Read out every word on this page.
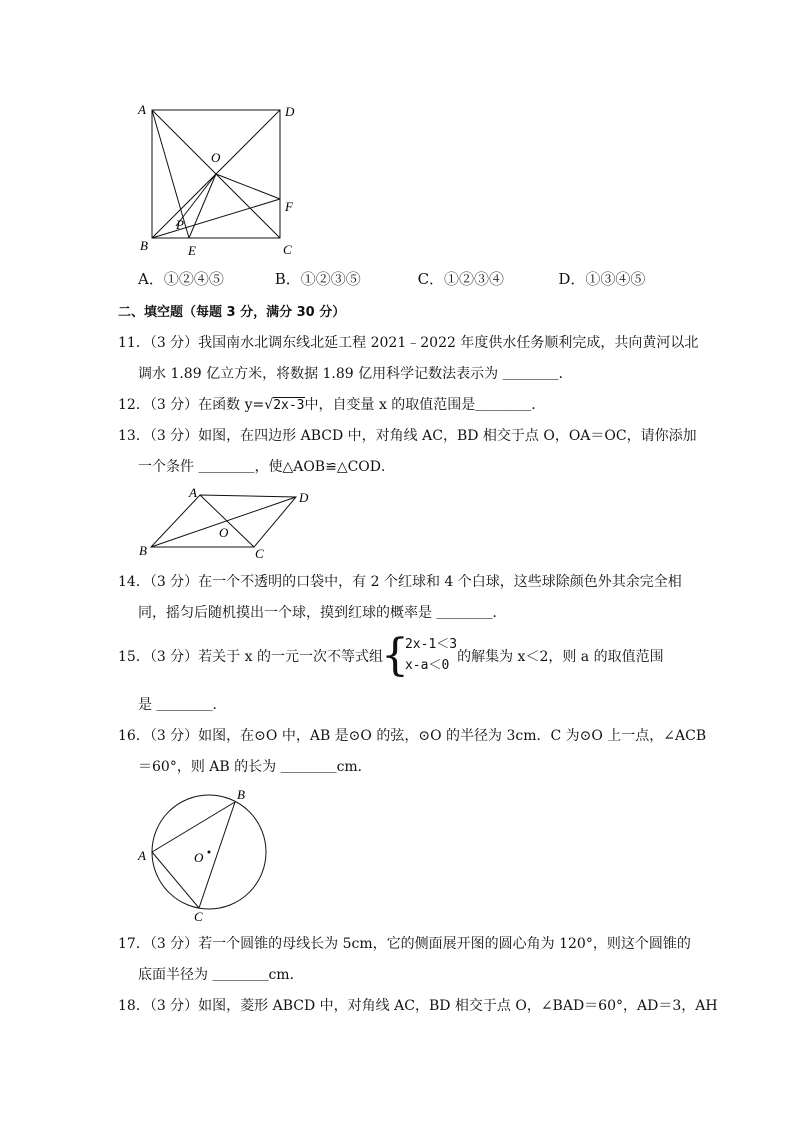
A	D
O
F
P
B	E	C
A．①②④⑤	B．①②③⑤	C．①②③④	D．①③④⑤
二、填空题（每题 3 分，满分 30 分）
11．（3 分）我国南水北调东线北延工程 2021﹣2022 年度供水任务顺利完成，共向黄河以北
调水 1.89 亿立方米，将数据 1.89 亿用科学记数法表示为 ＿＿＿＿．
12．（3 分）在函数 y=√2x-3中，自变量 x 的取值范围是＿＿＿＿．
13．（3 分）如图，在四边形 ABCD 中，对角线 AC，BD 相交于点 O，OA＝OC，请你添加
一个条件 ＿＿＿＿，使△AOB≌△COD．
A	D
O
B	C
14．（3 分）在一个不透明的口袋中，有 2 个红球和 4 个白球，这些球除颜色外其余完全相
同，摇匀后随机摸出一个球，摸到红球的概率是 ＿＿＿＿．
15．（3 分）若关于 x 的一元一次不等式组{2x-1＜3
x-a＜0的解集为 x＜2，则 a 的取值范围
是 ＿＿＿＿．
16．（3 分）如图，在⊙O 中，AB 是⊙O 的弦，⊙O 的半径为 3cm．C 为⊙O 上一点，∠ACB
＝60°，则 AB 的长为 ＿＿＿＿cm．
A
B
C
O
17．（3 分）若一个圆锥的母线长为 5cm，它的侧面展开图的圆心角为 120°，则这个圆锥的
底面半径为 ＿＿＿＿cm．
18．（3 分）如图，菱形 ABCD 中，对角线 AC，BD 相交于点 O，∠BAD＝60°，AD＝3，AH
